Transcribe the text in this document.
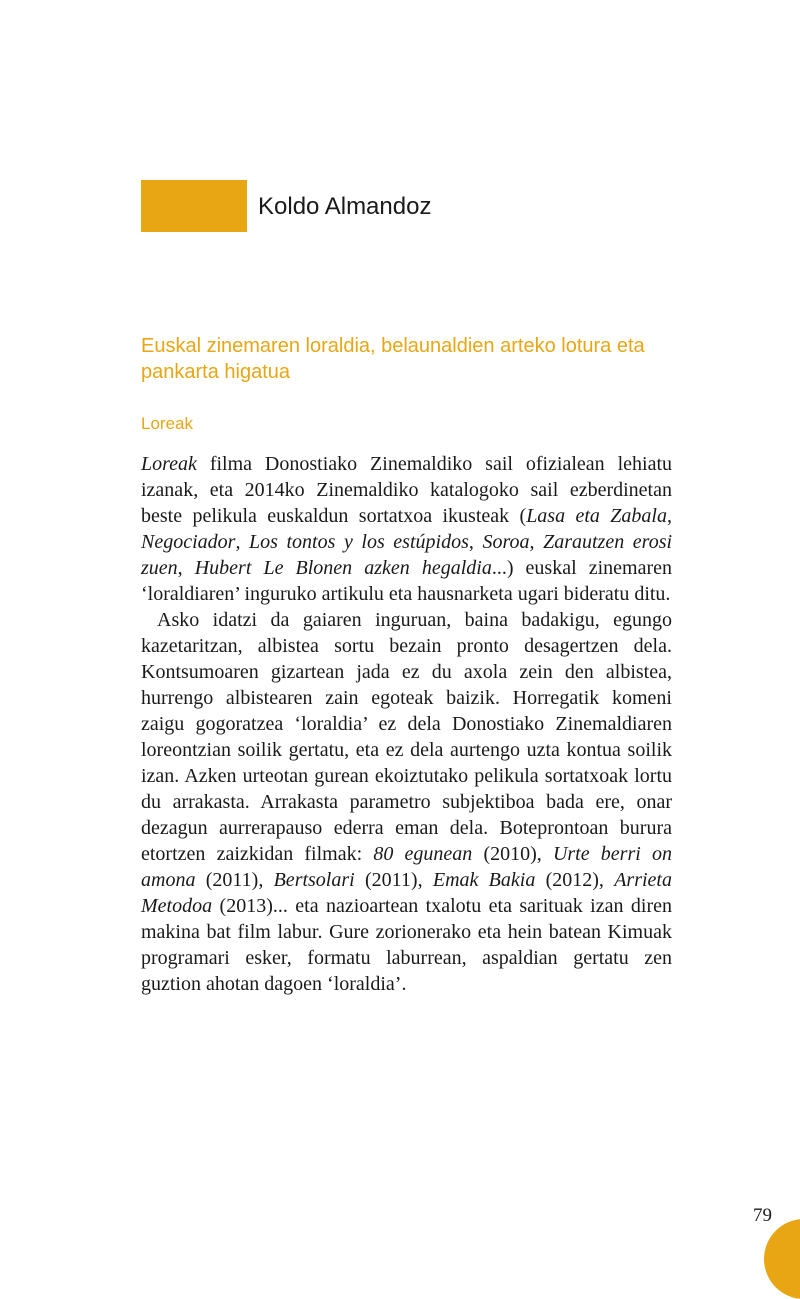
Koldo Almandoz
Euskal zinemaren loraldia, belaunaldien arteko lotura eta pankarta higatua
Loreak

Loreak filma Donostiako Zinemaldiko sail ofizialean lehiatu izanak, eta 2014ko Zinemaldiko katalogoko sail ezberdinetan beste pelikula euskaldun sortatxoa ikusteak (Lasa eta Zabala, Negociador, Los tontos y los estúpidos, Soroa, Zarautzen erosi zuen, Hubert Le Blonen azken hegaldia...) euskal zinemaren ‘loraldiaren’ inguruko artikulu eta hausnarketa ugari bideratu ditu.

Asko idatzi da gaiaren inguruan, baina badakigu, egungo kazetaritzan, albistea sortu bezain pronto desagertzen dela. Kontsumoaren gizartean jada ez du axola zein den albistea, hurrengo albistearen zain egoteak baizik. Horregatik komeni zaigu gogoratzea ‘loraldia’ ez dela Donostiako Zinemaldiaren loreontzian soilik gertatu, eta ez dela aurtengo uzta kontua soilik izan. Azken urteotan gurean ekoiztutako pelikula sortatxoak lortu du arrakasta. Arrakasta parametro subjektiboa bada ere, onar dezagun aurrerapauso ederra eman dela. Boteprontoan burura etortzen zaizkidan filmak: 80 egunean (2010), Urte berri on amona (2011), Bertsolari (2011), Emak Bakia (2012), Arrieta Metodoa (2013)... eta nazioartean txalotu eta sarituak izan diren makina bat film labur. Gure zorionerako eta hein batean Kimuak programari esker, formatu laburrean, aspaldian gertatu zen guztion ahotan dagoen ‘loraldia’.

79
